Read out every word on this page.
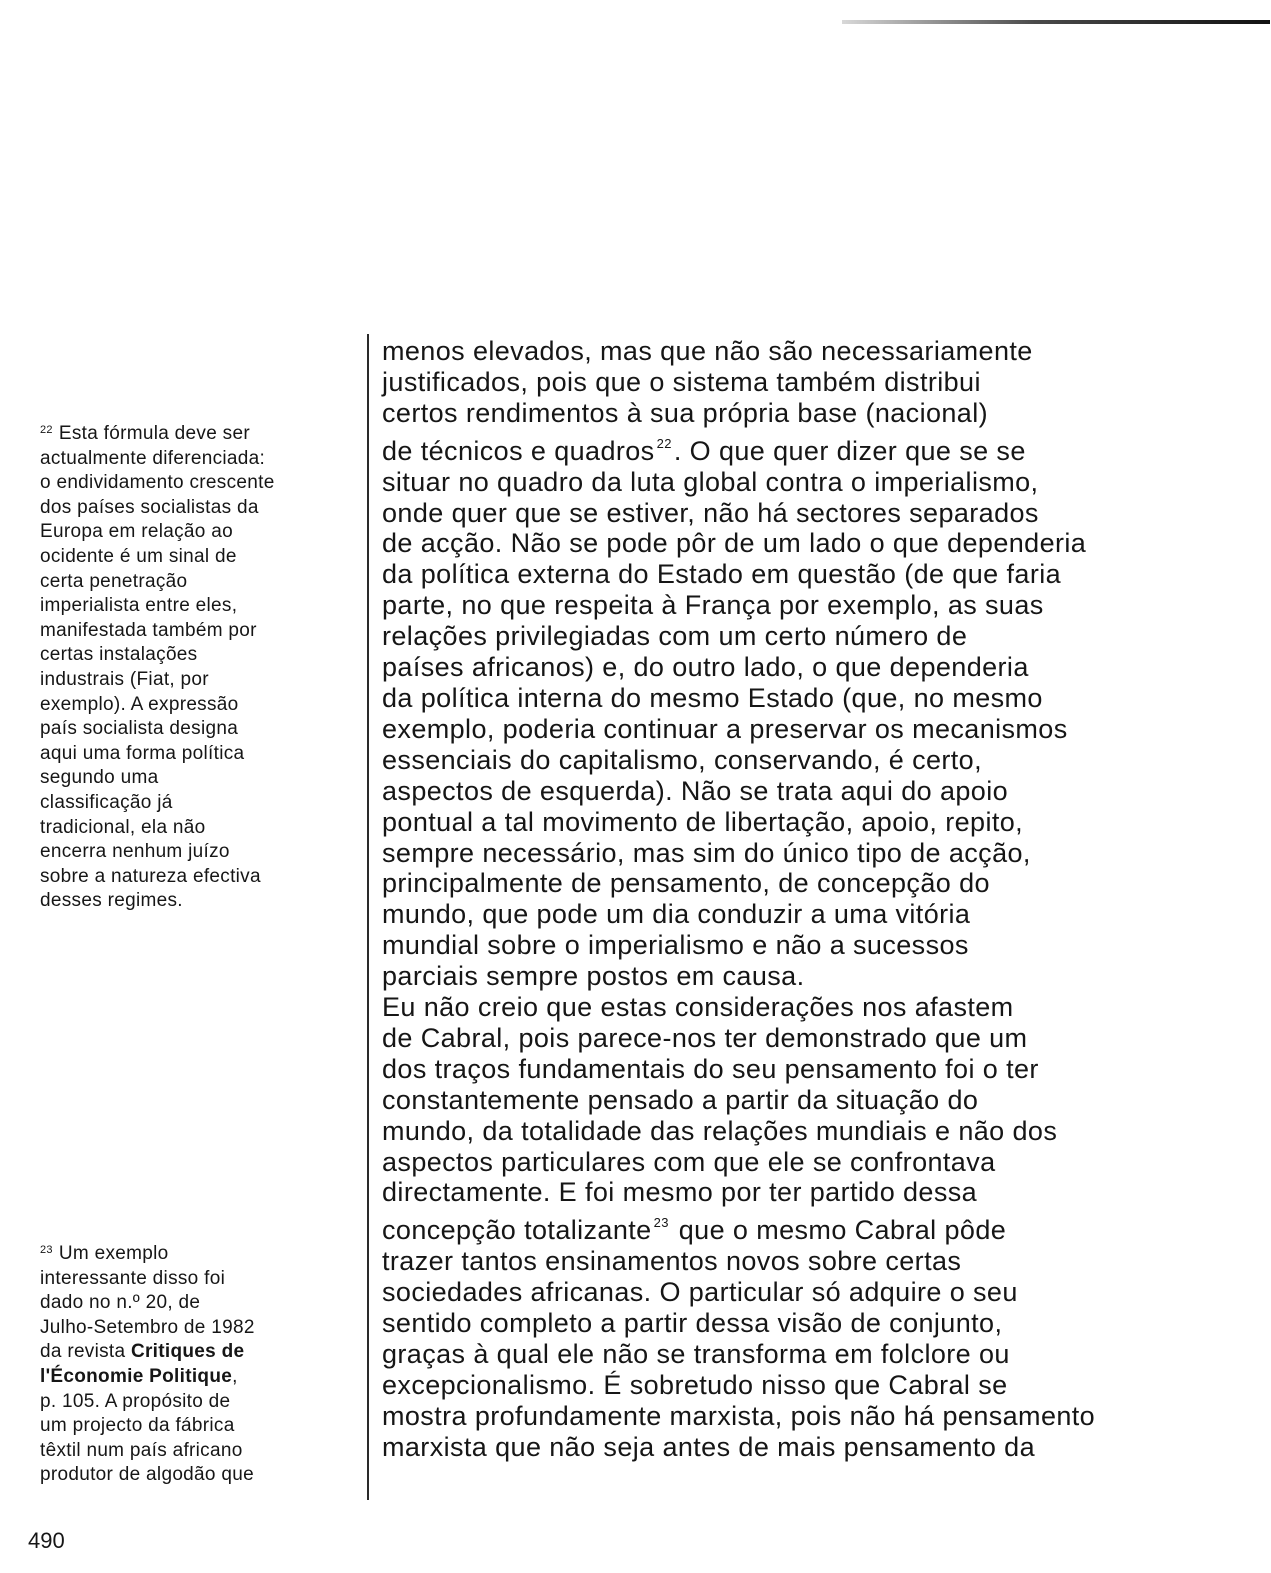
$^{22}$ Esta fórmula deve ser
actualmente diferenciada:
o endividamento crescente
dos países socialistas da
Europa em relação ao
ocidente é um sinal de
certa penetração
imperialista entre eles,
manifestada também por
certas instalações
industrais (Fiat, por
exemplo). A expressão
país socialista designa
aqui uma forma política
segundo uma
classificação já
tradicional, ela não
encerra nenhum juízo
sobre a natureza efectiva
desses regimes.
$^{23}$ Um exemplo
interessante disso foi
dado no n.º 20, de
Julho-Setembro de 1982
da revista Critiques de
l'Économie Politique,
p. 105. A propósito de
um projecto da fábrica
têxtil num país africano
produtor de algodão que
menos elevados, mas que não são necessariamente
justificados, pois que o sistema também distribui
certos rendimentos à sua própria base (nacional)
de técnicos e quadros $^{22}$. O que quer dizer que se se
situar no quadro da luta global contra o imperialismo,
onde quer que se estiver, não há sectores separados
de acção. Não se pode pôr de um lado o que dependeria
da política externa do Estado em questão (de que faria
parte, no que respeita à França por exemplo, as suas
relações privilegiadas com um certo número de
países africanos) e, do outro lado, o que dependeria
da política interna do mesmo Estado (que, no mesmo
exemplo, poderia continuar a preservar os mecanismos
essenciais do capitalismo, conservando, é certo,
aspectos de esquerda). Não se trata aqui do apoio
pontual a tal movimento de libertação, apoio, repito,
sempre necessário, mas sim do único tipo de acção,
principalmente de pensamento, de concepção do
mundo, que pode um dia conduzir a uma vitória
mundial sobre o imperialismo e não a sucessos
parciais sempre postos em causa.
Eu não creio que estas considerações nos afastem
de Cabral, pois parece-nos ter demonstrado que um
dos traços fundamentais do seu pensamento foi o ter
constantemente pensado a partir da situação do
mundo, da totalidade das relações mundiais e não dos
aspectos particulares com que ele se confrontava
directamente. E foi mesmo por ter partido dessa
concepção totalizante $^{23}$ que o mesmo Cabral pôde
trazer tantos ensinamentos novos sobre certas
sociedades africanas. O particular só adquire o seu
sentido completo a partir dessa visão de conjunto,
graças à qual ele não se transforma em folclore ou
excepcionalismo. É sobretudo nisso que Cabral se
mostra profundamente marxista, pois não há pensamento
marxista que não seja antes de mais pensamento da
490
